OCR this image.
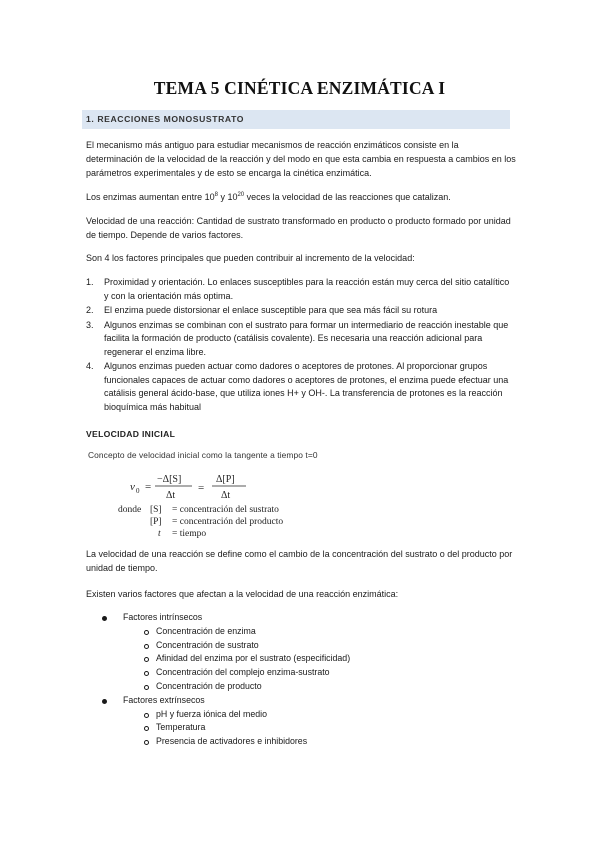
TEMA 5 CINÉTICA ENZIMÁTICA I
1. REACCIONES MONOSUSTRATO
El mecanismo más antiguo para estudiar mecanismos de reacción enzimáticos consiste en la determinación de la velocidad de la reacción y del modo en que esta cambia en respuesta a cambios en los parámetros experimentales y de esto se encarga la cinética enzimática.
Los enzimas aumentan entre $10^8$ y $10^{20}$ veces la velocidad de las reacciones que catalizan.
Velocidad de una reacción: Cantidad de sustrato transformado en producto o producto formado por unidad de tiempo. Depende de varios factores.
Son 4 los factores principales que pueden contribuir al incremento de la velocidad:
1. Proximidad y orientación. Lo enlaces susceptibles para la reacción están muy cerca del sitio catalítico y con la orientación más optima.
2. El enzima puede distorsionar el enlace susceptible para que sea más fácil su rotura
3. Algunos enzimas se combinan con el sustrato para formar un intermediario de reacción inestable que facilita la formación de producto (catálisis covalente). Es necesaria una reacción adicional para regenerar el enzima libre.
4. Algunos enzimas pueden actuar como dadores o aceptores de protones. Al proporcionar grupos funcionales capaces de actuar como dadores o aceptores de protones, el enzima puede efectuar una catálisis general ácido-base, que utiliza iones H+ y OH-. La transferencia de protones es la reacción bioquímica más habitual
VELOCIDAD INICIAL
Concepto de velocidad inicial como la tangente a tiempo t=0
v 0 =
−Δ[S]
Δt
=
Δ[P]
Δt
donde [S] = concentración del sustrato
[P] = concentración del producto
t = tiempo
La velocidad de una reacción se define como el cambio de la concentración del sustrato o del producto por unidad de tiempo.
Existen varios factores que afectan a la velocidad de una reacción enzimática:
Factores intrínsecos
Concentración de enzima
Concentración de sustrato
Afinidad del enzima por el sustrato (especificidad)
Concentración del complejo enzima-sustrato
Concentración de producto
Factores extrínsecos
pH y fuerza iónica del medio
Temperatura
Presencia de activadores e inhibidores
